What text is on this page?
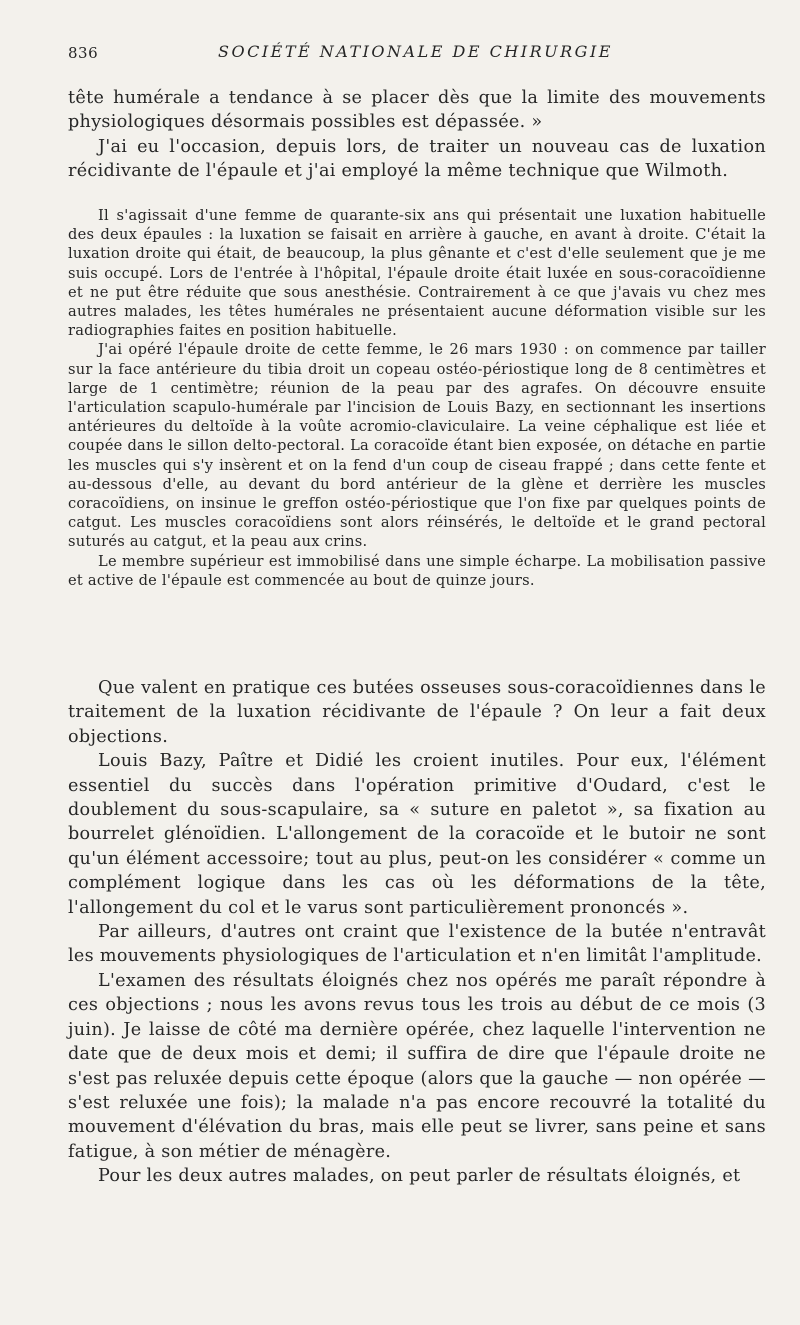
836	SOCIÉTÉ NATIONALE DE CHIRURGIE

tête humérale a tendance à se placer dès que la limite des mouvements physiologiques désormais possibles est dépassée. »

J'ai eu l'occasion, depuis lors, de traiter un nouveau cas de luxation récidivante de l'épaule et j'ai employé la même technique que Wilmoth.

Il s'agissait d'une femme de quarante-six ans qui présentait une luxation habituelle des deux épaules : la luxation se faisait en arrière à gauche, en avant à droite. C'était la luxation droite qui était, de beaucoup, la plus gênante et c'est d'elle seulement que je me suis occupé. Lors de l'entrée à l'hôpital, l'épaule droite était luxée en sous-coracoïdienne et ne put être réduite que sous anesthésie. Contrairement à ce que j'avais vu chez mes autres malades, les têtes humérales ne présentaient aucune déformation visible sur les radiographies faites en position habituelle.

J'ai opéré l'épaule droite de cette femme, le 26 mars 1930 : on commence par tailler sur la face antérieure du tibia droit un copeau ostéo-périostique long de 8 centimètres et large de 1 centimètre; réunion de la peau par des agrafes. On découvre ensuite l'articulation scapulo-humérale par l'incision de Louis Bazy, en sectionnant les insertions antérieures du deltoïde à la voûte acromio-claviculaire. La veine céphalique est liée et coupée dans le sillon delto-pectoral. La coracoïde étant bien exposée, on détache en partie les muscles qui s'y insèrent et on la fend d'un coup de ciseau frappé ; dans cette fente et au-dessous d'elle, au devant du bord antérieur de la glène et derrière les muscles coracoïdiens, on insinue le greffon ostéo-périostique que l'on fixe par quelques points de catgut. Les muscles coracoïdiens sont alors réinsérés, le deltoïde et le grand pectoral suturés au catgut, et la peau aux crins.

Le membre supérieur est immobilisé dans une simple écharpe. La mobilisation passive et active de l'épaule est commencée au bout de quinze jours.

Que valent en pratique ces butées osseuses sous-coracoïdiennes dans le traitement de la luxation récidivante de l'épaule ? On leur a fait deux objections.

Louis Bazy, Paître et Didié les croient inutiles. Pour eux, l'élément essentiel du succès dans l'opération primitive d'Oudard, c'est le doublement du sous-scapulaire, sa « suture en paletot », sa fixation au bourrelet glénoïdien. L'allongement de la coracoïde et le butoir ne sont qu'un élément accessoire; tout au plus, peut-on les considérer « comme un complément logique dans les cas où les déformations de la tête, l'allongement du col et le varus sont particulièrement prononcés ».

Par ailleurs, d'autres ont craint que l'existence de la butée n'entravât les mouvements physiologiques de l'articulation et n'en limitât l'amplitude.

L'examen des résultats éloignés chez nos opérés me paraît répondre à ces objections ; nous les avons revus tous les trois au début de ce mois (3 juin). Je laisse de côté ma dernière opérée, chez laquelle l'intervention ne date que de deux mois et demi; il suffira de dire que l'épaule droite ne s'est pas reluxée depuis cette époque (alors que la gauche — non opérée — s'est reluxée une fois); la malade n'a pas encore recouvré la totalité du mouvement d'élévation du bras, mais elle peut se livrer, sans peine et sans fatigue, à son métier de ménagère.

Pour les deux autres malades, on peut parler de résultats éloignés, et
